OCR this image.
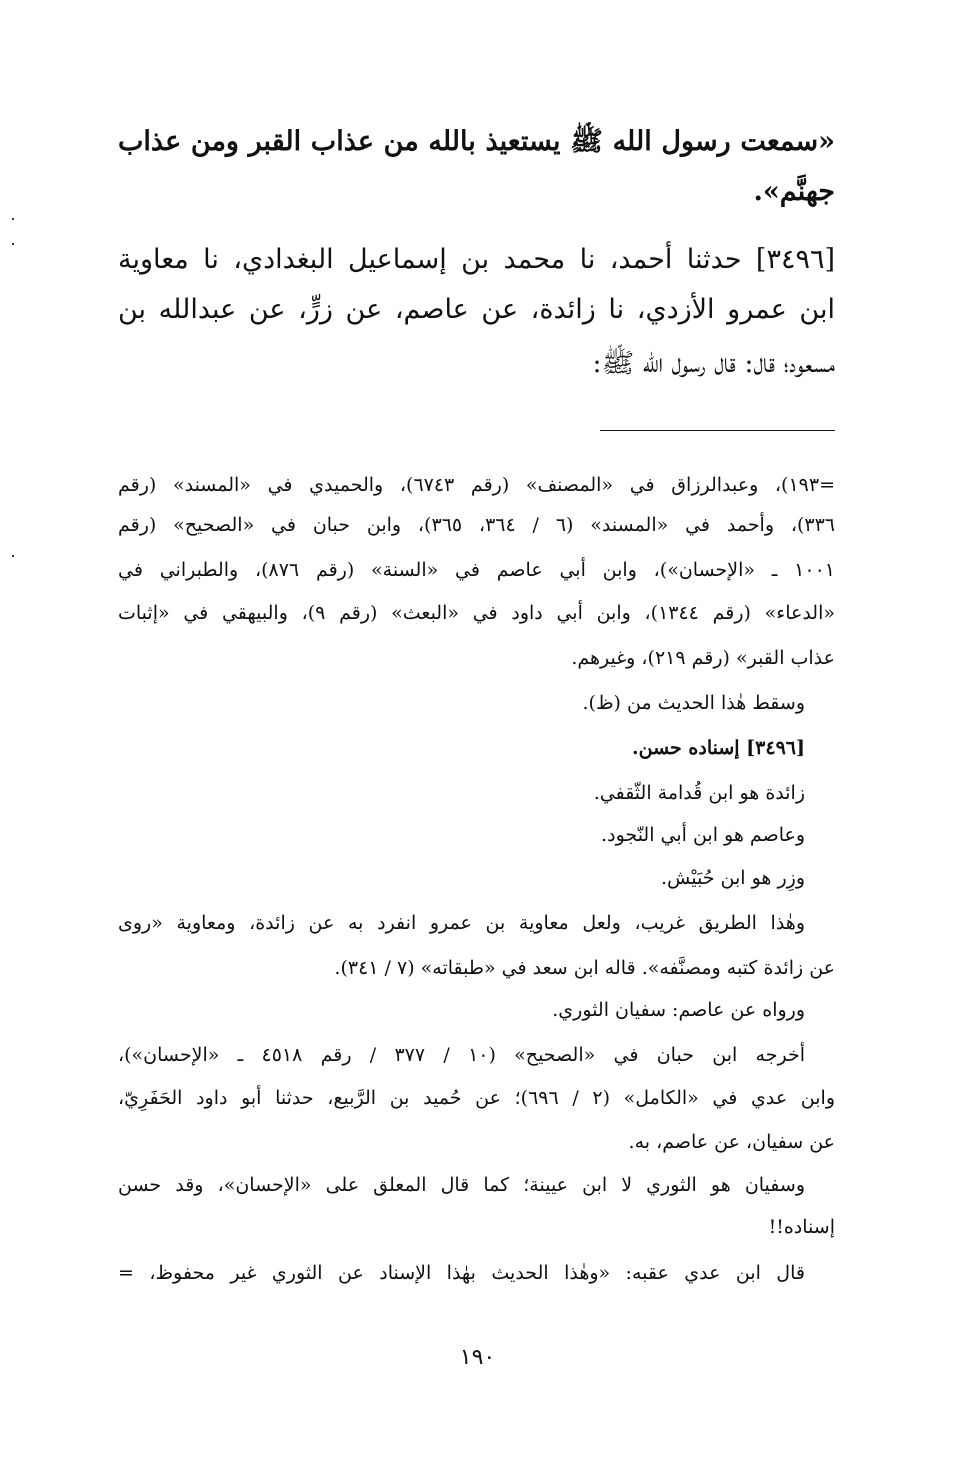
«سمعت رسول الله ﷺ يستعيذ بالله من عذاب القبر ومن عذاب
جهنَّم».
[٣٤٩٦] حدثنا أحمد، نا محمد بن إسماعيل البغدادي، نا معاوية
ابن عمرو الأزدي، نا زائدة، عن عاصم، عن زرٍّ، عن عبدالله بن
مسعود؛ قال: قال رسول الله ﷺ:
=١٩٣)، وعبدالرزاق في «المصنف» (رقم ٦٧٤٣)، والحميدي في «المسند» (رقم
٣٣٦)، وأحمد في «المسند» (٦ / ٣٦٤، ٣٦٥)، وابن حبان في «الصحيح» (رقم
١٠٠١ ـ «الإحسان»)، وابن أبي عاصم في «السنة» (رقم ٨٧٦)، والطبراني في
«الدعاء» (رقم ١٣٤٤)، وابن أبي داود في «البعث» (رقم ٩)، والبيهقي في «إثبات
عذاب القبر» (رقم ٢١٩)، وغيرهم.
وسقط هٰذا الحديث من (ظ).
[٣٤٩٦] إسناده حسن.
زائدة هو ابن قُدامة الثّقفي.
وعاصم هو ابن أبي النّجود.
وزِر هو ابن حُبَيْش.
وهٰذا الطريق غريب، ولعل معاوية بن عمرو انفرد به عن زائدة، ومعاوية «روى
عن زائدة كتبه ومصنَّفه». قاله ابن سعد في «طبقاته» (٧ / ٣٤١).
ورواه عن عاصم: سفيان الثوري.
أخرجه ابن حبان في «الصحيح» (١٠ / ٣٧٧ / رقم ٤٥١٨ ـ «الإحسان»)،
وابن عدي في «الكامل» (٢ / ٦٩٦)؛ عن حُميد بن الرَّبيع، حدثنا أبو داود الحَفَرِيّ،
عن سفيان، عن عاصم، به.
وسفيان هو الثوري لا ابن عيينة؛ كما قال المعلق على «الإحسان»، وقد حسن
إسناده!!
قال ابن عدي عقبه: «وهٰذا الحديث بهٰذا الإسناد عن الثوري غير محفوظ، =
١٩٠
